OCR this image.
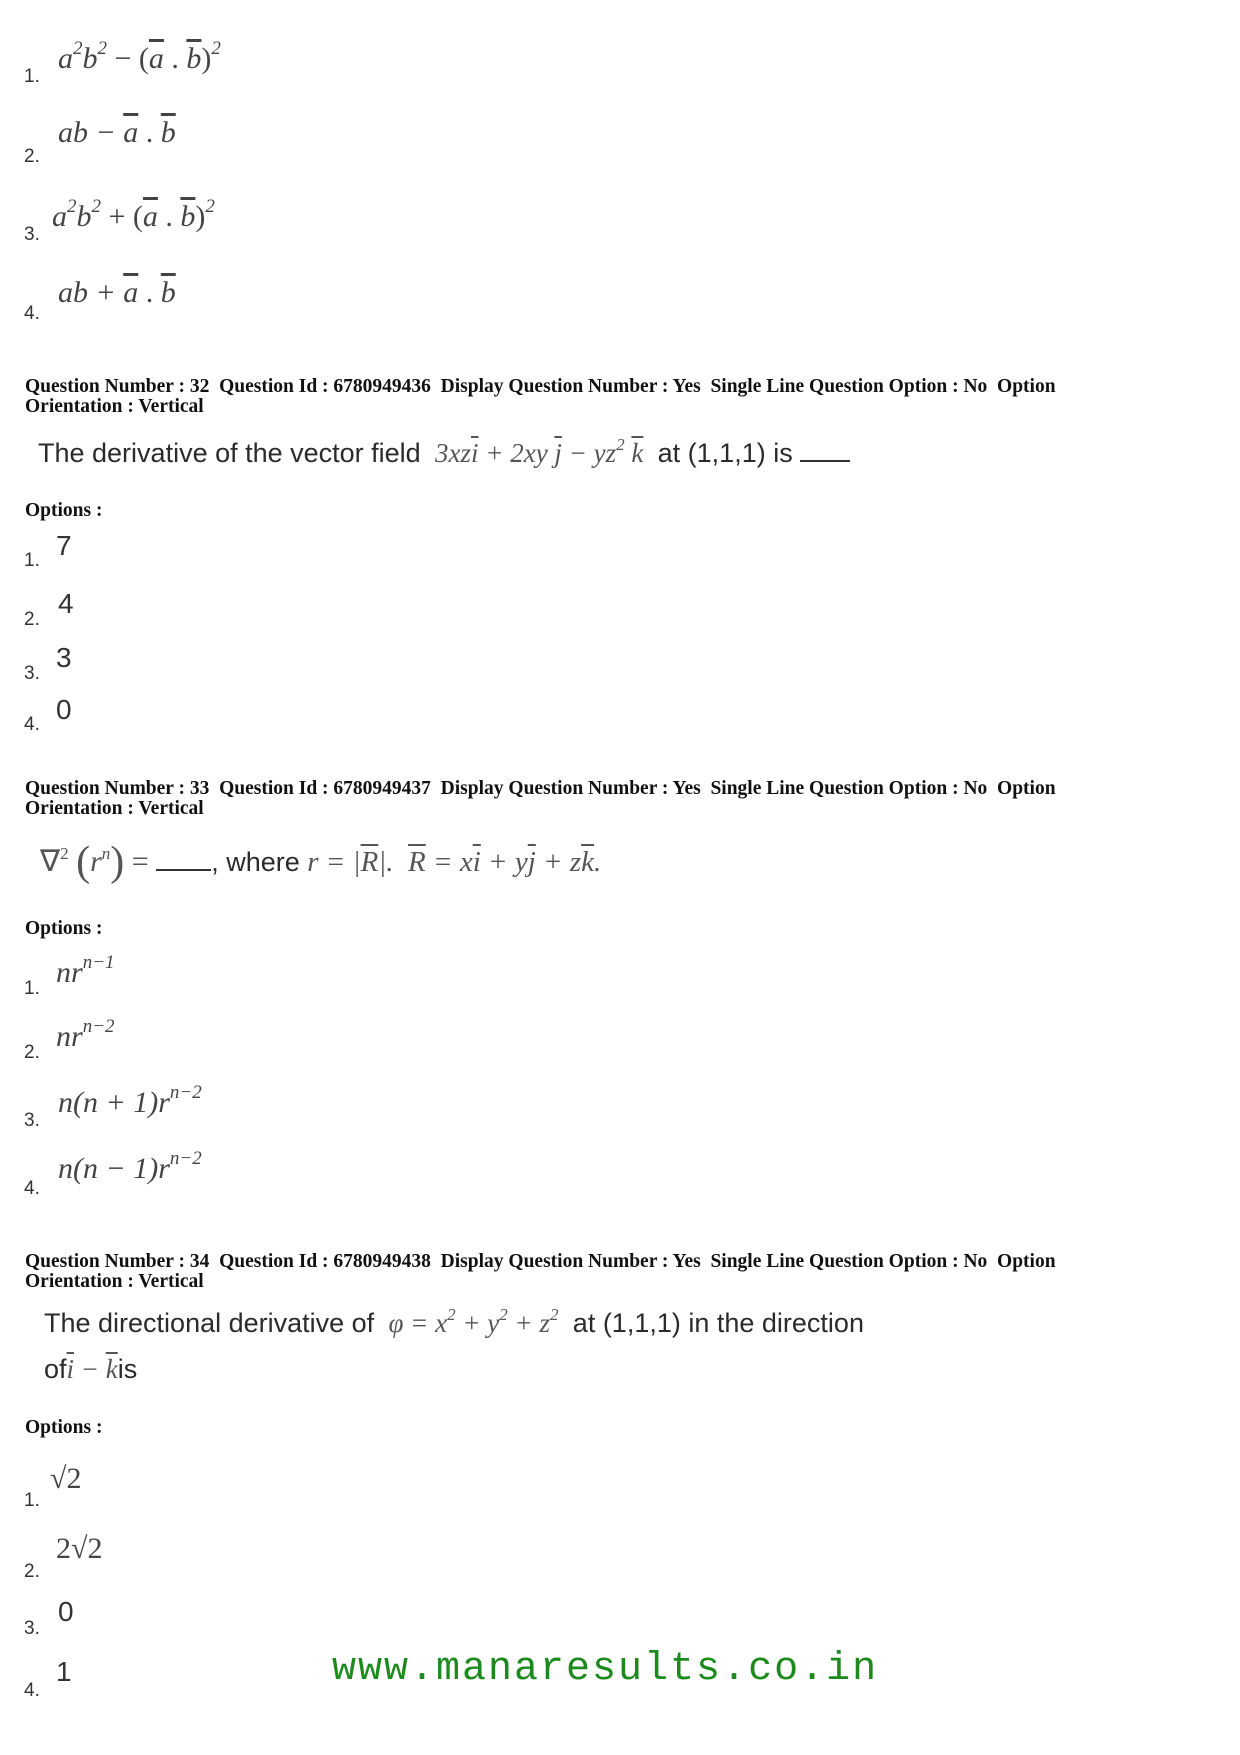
1.
$a^2b^2 - (\overline{a}$ . $\overline{b})^2$
2.
ab − $\overline{a}$ . $\overline{b}$
3.
$a^2b^2 + (\overline{a}$ . $\overline{b})^2$
4.
ab + $\overline{a}$ . $\overline{b}$
Question Number : 32  Question Id : 6780949436  Display Question Number : Yes  Single Line Question Option : No  Option
Orientation : Vertical
The derivative of the vector field  $3xz\overline{i} + 2xy$ $\overline{j} - yz^2$ $\overline{k}$ at (1,1,1) is
Options :
1. 7
2.
4
3.
3
4. 0
Question Number : 33  Question Id : 6780949437  Display Question Number : Yes  Single Line Question Option : No  Option
Orientation : Vertical
∇$^2$ $(r^n)$ = , where $r = |\overline{R}|$.  $\overline{R} = x\overline{i} + y\overline{j} + z\overline{k}$.
Options :
1. $nr^{n-1}$
2. $nr^{n-2}$
3.
$n(n + 1)r^{n-2}$
4.
$n(n - 1)r^{n-2}$
Question Number : 34  Question Id : 6780949438  Display Question Number : Yes  Single Line Question Option : No  Option
Orientation : Vertical
The directional derivative of  $\varphi = x^2 + y^2 + z^2$ at (1,1,1) in the direction
$of\overline{i} - \overline{k}is$
Options :
1.
√2
2.
2√2
3.
0
4.
1	www.manaresults.co.in
